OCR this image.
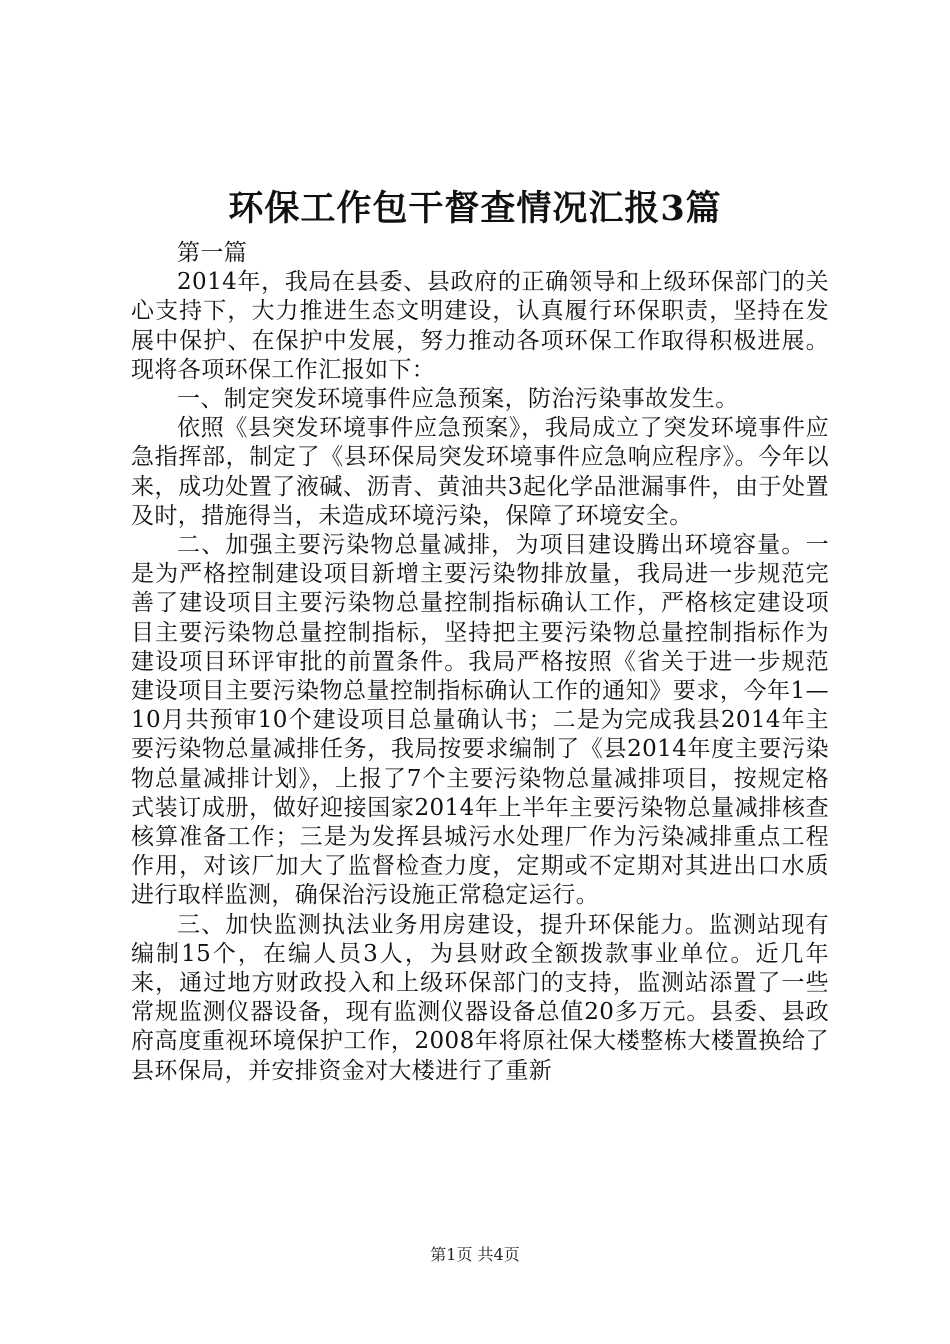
环保工作包干督查情况汇报3篇

第一篇

2014年，我局在县委、县政府的正确领导和上级环保部门的关心支持下，大力推进生态文明建设，认真履行环保职责，坚持在发展中保护、在保护中发展，努力推动各项环保工作取得积极进展。现将各项环保工作汇报如下：

一、制定突发环境事件应急预案，防治污染事故发生。

依照《县突发环境事件应急预案》，我局成立了突发环境事件应急指挥部，制定了《县环保局突发环境事件应急响应程序》。今年以来，成功处置了液碱、沥青、黄油共3起化学品泄漏事件，由于处置及时，措施得当，未造成环境污染，保障了环境安全。

二、加强主要污染物总量减排，为项目建设腾出环境容量。一是为严格控制建设项目新增主要污染物排放量，我局进一步规范完善了建设项目主要污染物总量控制指标确认工作，严格核定建设项目主要污染物总量控制指标，坚持把主要污染物总量控制指标作为建设项目环评审批的前置条件。我局严格按照《省关于进一步规范建设项目主要污染物总量控制指标确认工作的通知》要求，今年1—10月共预审10个建设项目总量确认书；二是为完成我县2014年主要污染物总量减排任务，我局按要求编制了《县2014年度主要污染物总量减排计划》，上报了7个主要污染物总量减排项目，按规定格式装订成册，做好迎接国家2014年上半年主要污染物总量减排核查核算准备工作；三是为发挥县城污水处理厂作为污染减排重点工程作用，对该厂加大了监督检查力度，定期或不定期对其进出口水质进行取样监测，确保治污设施正常稳定运行。

三、加快监测执法业务用房建设，提升环保能力。监测站现有编制15个，在编人员3人，为县财政全额拨款事业单位。近几年来，通过地方财政投入和上级环保部门的支持，监测站添置了一些常规监测仪器设备，现有监测仪器设备总值20多万元。县委、县政府高度重视环境保护工作，2008年将原社保大楼整栋大楼置换给了县环保局，并安排资金对大楼进行了重新

第1页 共4页
